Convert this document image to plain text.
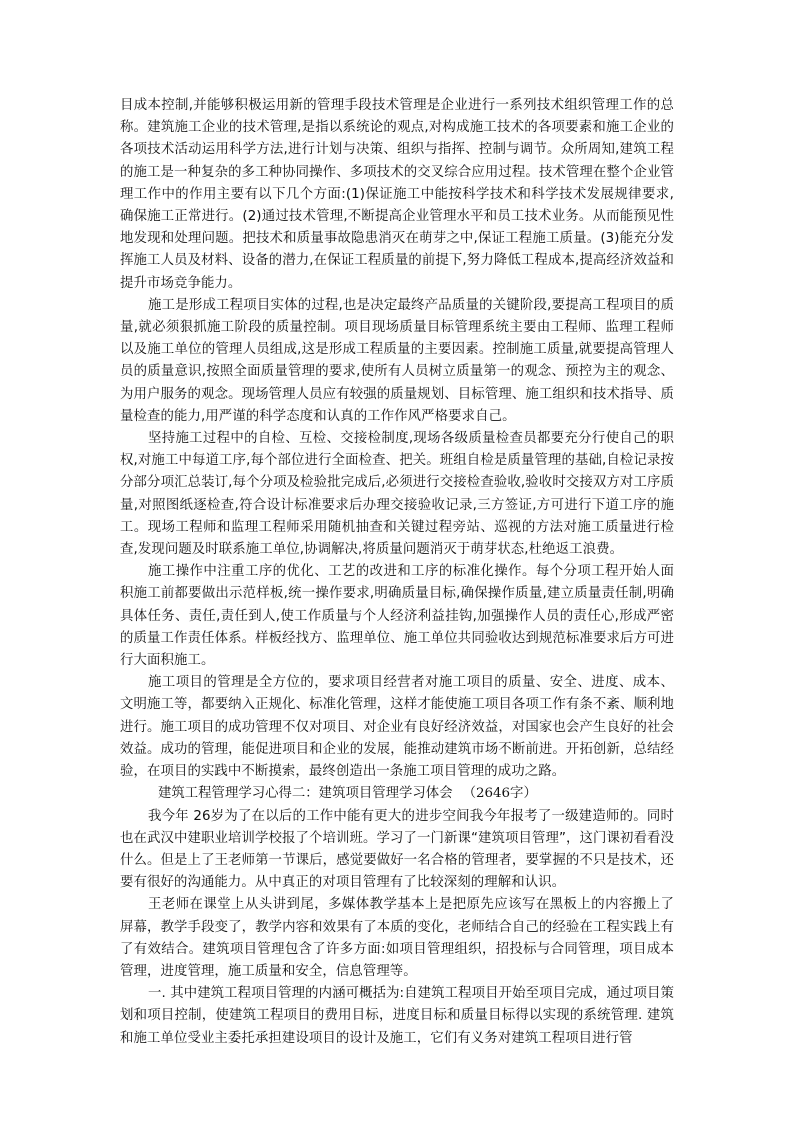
目成本控制,并能够积极运用新的管理手段技术管理是企业进行一系列技术组织管理工作的总称。建筑施工企业的技术管理,是指以系统论的观点,对构成施工技术的各项要素和施工企业的各项技术活动运用科学方法,进行计划与决策、组织与指挥、控制与调节。众所周知,建筑工程的施工是一种复杂的多工种协同操作、多项技术的交叉综合应用过程。技术管理在整个企业管理工作中的作用主要有以下几个方面:(1)保证施工中能按科学技术和科学技术发展规律要求,确保施工正常进行。(2)通过技术管理,不断提高企业管理水平和员工技术业务。从而能预见性地发现和处理问题。把技术和质量事故隐患消灭在萌芽之中,保证工程施工质量。(3)能充分发挥施工人员及材料、设备的潜力,在保证工程质量的前提下,努力降低工程成本,提高经济效益和提升市场竞争能力。

施工是形成工程项目实体的过程,也是决定最终产品质量的关键阶段,要提高工程项目的质量,就必须狠抓施工阶段的质量控制。项目现场质量目标管理系统主要由工程师、监理工程师以及施工单位的管理人员组成,这是形成工程质量的主要因素。控制施工质量,就要提高管理人员的质量意识,按照全面质量管理的要求,使所有人员树立质量第一的观念、预控为主的观念、为用户服务的观念。现场管理人员应有较强的质量规划、目标管理、施工组织和技术指导、质量检查的能力,用严谨的科学态度和认真的工作作风严格要求自己。

坚持施工过程中的自检、互检、交接检制度,现场各级质量检查员都要充分行使自己的职权,对施工中每道工序,每个部位进行全面检查、把关。班组自检是质量管理的基础,自检记录按分部分项汇总装订,每个分项及检验批完成后,必须进行交接检查验收,验收时交接双方对工序质量,对照图纸逐检查,符合设计标准要求后办理交接验收记录,三方签证,方可进行下道工序的施工。现场工程师和监理工程师采用随机抽查和关键过程旁站、巡视的方法对施工质量进行检查,发现问题及时联系施工单位,协调解决,将质量问题消灭于萌芽状态,杜绝返工浪费。

施工操作中注重工序的优化、工艺的改进和工序的标准化操作。每个分项工程开始人面积施工前都要做出示范样板,统一操作要求,明确质量目标,确保操作质量,建立质量责任制,明确具体任务、责任,责任到人,使工作质量与个人经济利益挂钩,加强操作人员的责任心,形成严密的质量工作责任体系。样板经找方、监理单位、施工单位共同验收达到规范标准要求后方可进行大面积施工。

施工项目的管理是全方位的，要求项目经营者对施工项目的质量、安全、进度、成本、文明施工等，都要纳入正规化、标准化管理，这样才能使施工项目各项工作有条不紊、顺利地进行。施工项目的成功管理不仅对项目、对企业有良好经济效益，对国家也会产生良好的社会效益。成功的管理，能促进项目和企业的发展，能推动建筑市场不断前进。开拓创新，总结经验，在项目的实践中不断摸索，最终创造出一条施工项目管理的成功之路。

建筑工程管理学习心得二：建筑项目管理学习体会 （2646字）

我今年 26岁为了在以后的工作中能有更大的进步空间我今年报考了一级建造师的。同时也在武汉中建职业培训学校报了个培训班。学习了一门新课“建筑项目管理”，这门课初看看没什么。但是上了王老师第一节课后，感觉要做好一名合格的管理者，要掌握的不只是技术，还要有很好的沟通能力。从中真正的对项目管理有了比较深刻的理解和认识。

王老师在课堂上从头讲到尾，多媒体教学基本上是把原先应该写在黑板上的内容搬上了屏幕，教学手段变了，教学内容和效果有了本质的变化，老师结合自己的经验在工程实践上有了有效结合。建筑项目管理包含了许多方面:如项目管理组织，招投标与合同管理，项目成本管理，进度管理，施工质量和安全，信息管理等。

一. 其中建筑工程项目管理的内涵可概括为:自建筑工程项目开始至项目完成，通过项目策划和项目控制，使建筑工程项目的费用目标，进度目标和质量目标得以实现的系统管理. 建筑和施工单位受业主委托承担建设项目的设计及施工，它们有义务对建筑工程项目进行管
